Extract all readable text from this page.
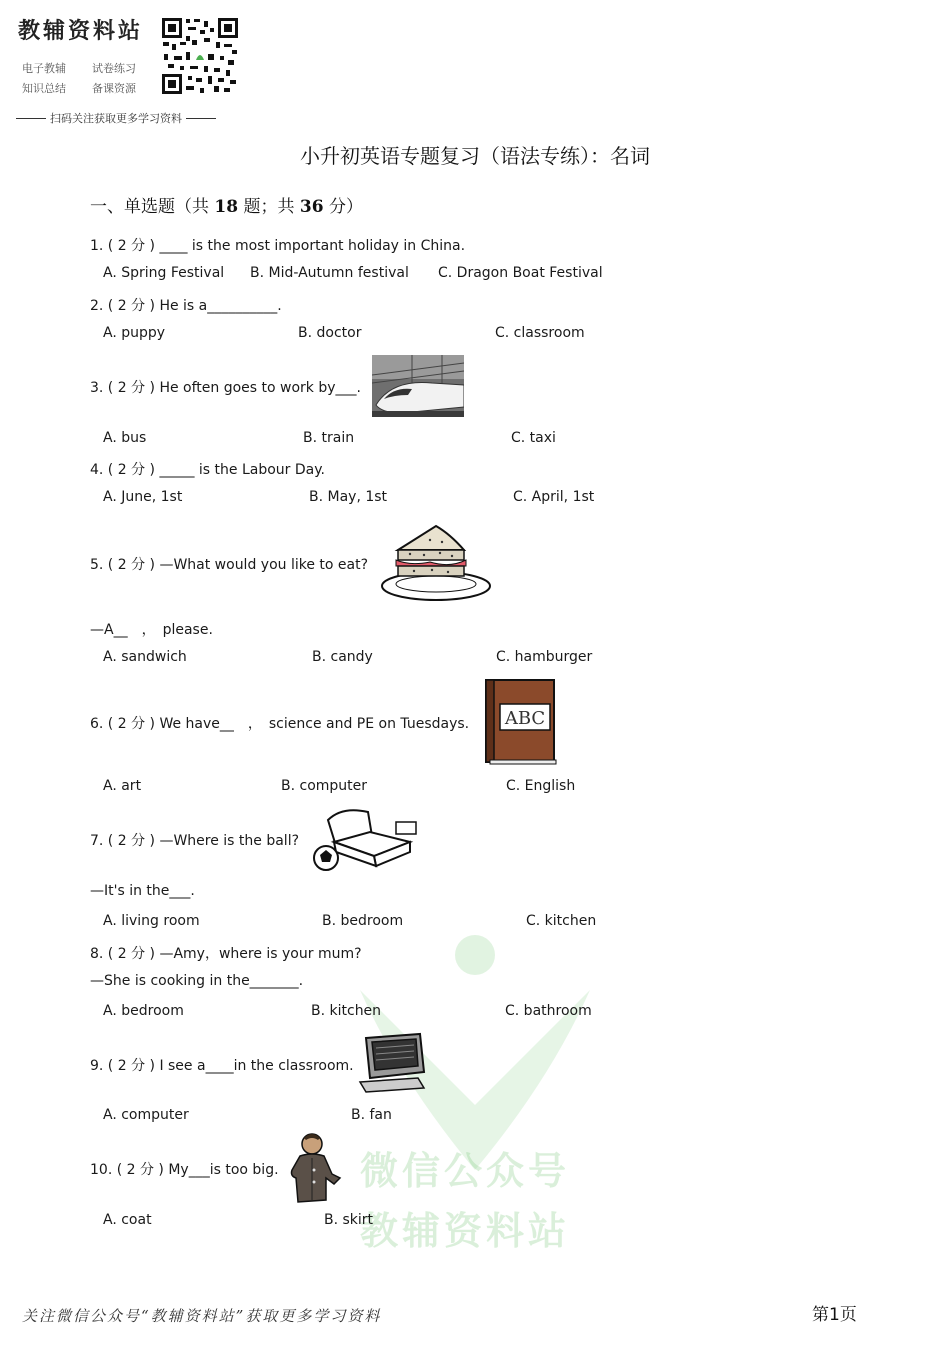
教辅资料站
电子教辅 试卷练习
知识总结 备课资源
扫码关注获取更多学习资料
小升初英语专题复习（语法专练）：名词
一、单选题（共 18 题；共 36 分）
微信公众号
教辅资料站
1. ( 2 分 ) ____ is the most important holiday in China.
A. Spring Festival B. Mid-Autumn festival C. Dragon Boat Festival
2. ( 2 分 ) He is a__________.
A. puppy	B. doctor	C. classroom
3. ( 2 分 ) He often goes to work by___.
A. bus	B. train	C. taxi
4. ( 2 分 ) _____ is the Labour Day.
A. June, 1st	B. May, 1st	C. April, 1st
5. ( 2 分 ) —What would you like to eat?
—A__　，　please.
A. sandwich	B. candy	C. hamburger
6. ( 2 分 ) We have__　，　science and PE on Tuesdays. ABC
A. art	B. computer	C. English
7. ( 2 分 ) —Where is the ball?
—It's in the___.
A. living room	B. bedroom	C. kitchen
8. ( 2 分 ) —Amy，where is your mum?
—She is cooking in the_______.
A. bedroom	B. kitchen	C. bathroom
9. ( 2 分 ) I see a____in the classroom.
A. computer	B. fan
10. ( 2 分 ) My___is too big.
A. coat	B. skirt
关注微信公众号“教辅资料站”获取更多学习资料	第1页
